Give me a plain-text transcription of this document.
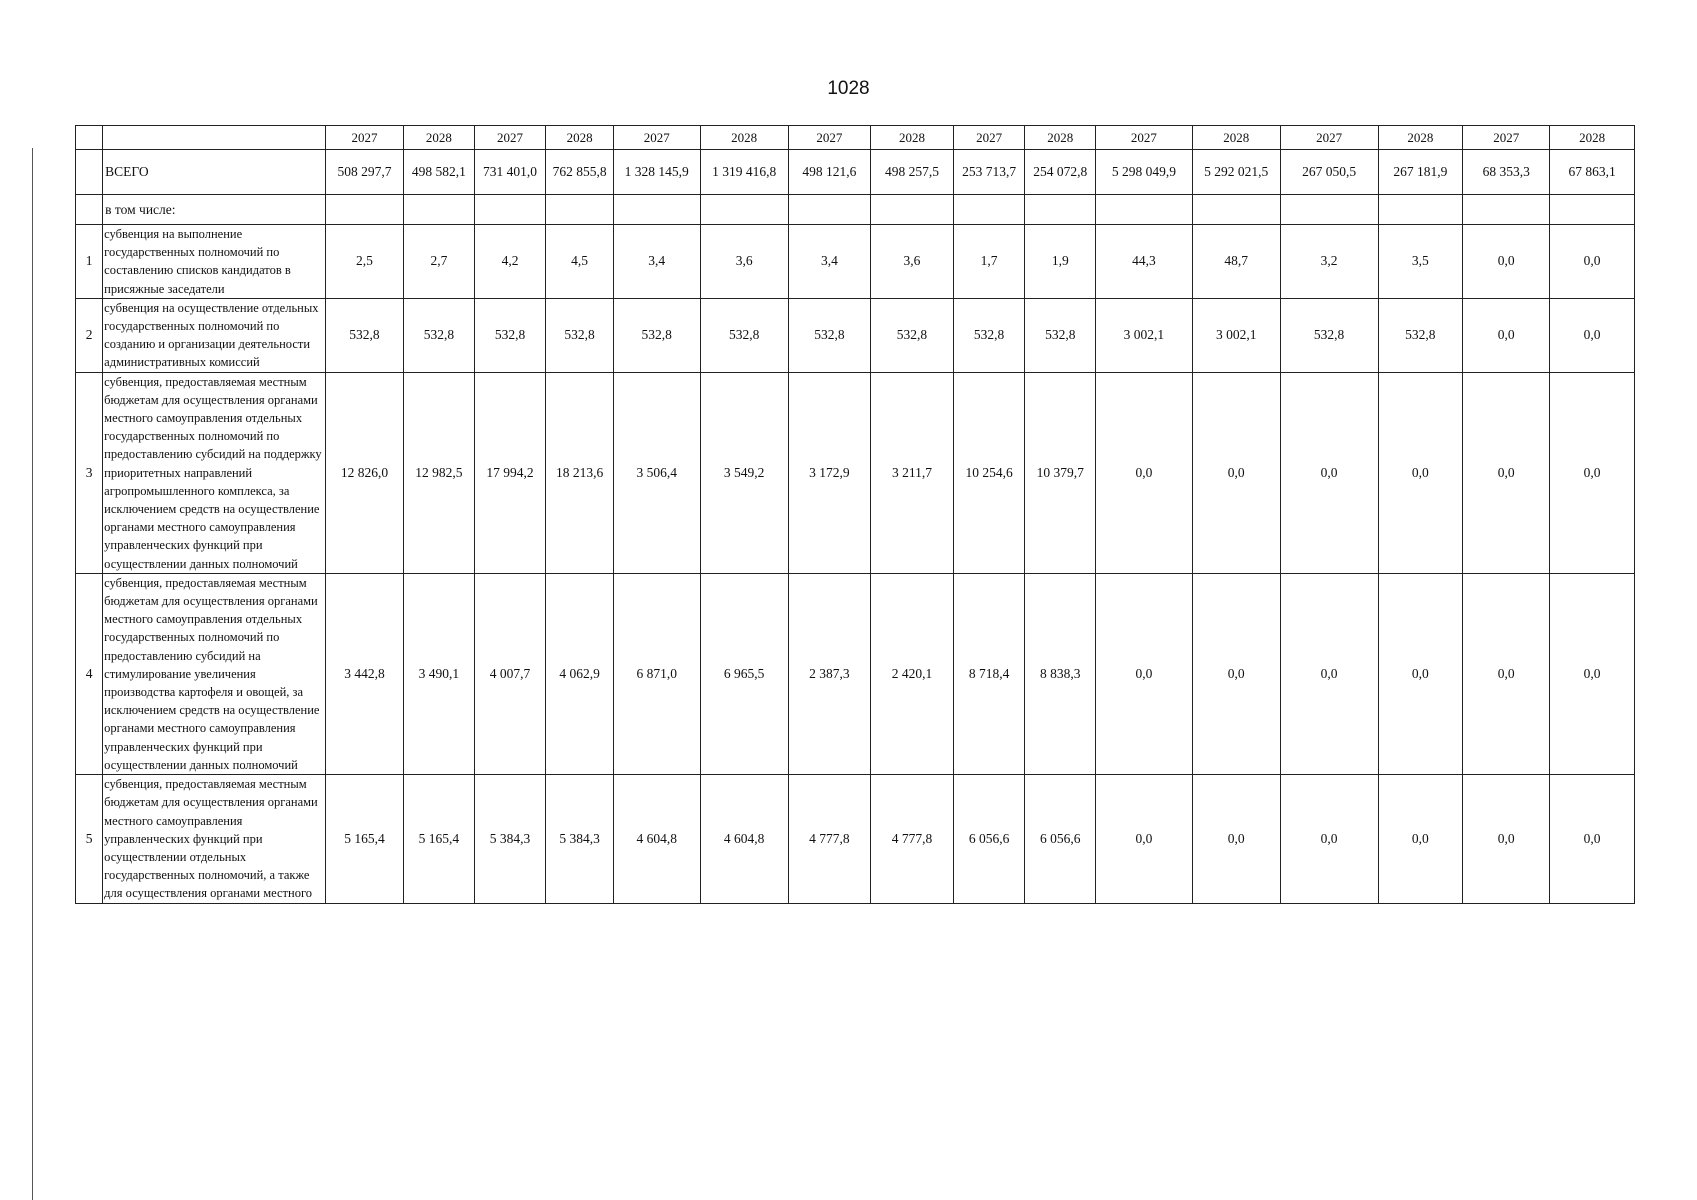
1028
		2027	2028	2027	2028	2027	2028	2027	2028	2027	2028	2027	2028	2027	2028	2027	2028
	ВСЕГО	508 297,7	498 582,1	731 401,0	762 855,8	1 328 145,9	1 319 416,8	498 121,6	498 257,5	253 713,7	254 072,8	5 298 049,9	5 292 021,5	267 050,5	267 181,9	68 353,3	67 863,1
	в том числе:																
1	субвенция на выполнение государственных полномочий по составлению списков кандидатов в присяжные заседатели	2,5	2,7	4,2	4,5	3,4	3,6	3,4	3,6	1,7	1,9	44,3	48,7	3,2	3,5	0,0	0,0
2	субвенция на осуществление отдельных государственных полномочий по созданию и организации деятельности административных комиссий	532,8	532,8	532,8	532,8	532,8	532,8	532,8	532,8	532,8	532,8	3 002,1	3 002,1	532,8	532,8	0,0	0,0
3	субвенция, предоставляемая местным бюджетам для осуществления органами местного самоуправления отдельных государственных полномочий по предоставлению субсидий на поддержку приоритетных направлений агропромышленного комплекса, за исключением средств на осуществление органами местного самоуправления управленческих функций при осуществлении данных полномочий	12 826,0	12 982,5	17 994,2	18 213,6	3 506,4	3 549,2	3 172,9	3 211,7	10 254,6	10 379,7	0,0	0,0	0,0	0,0	0,0	0,0
4	субвенция, предоставляемая местным бюджетам для осуществления органами местного самоуправления отдельных государственных полномочий по предоставлению субсидий на стимулирование увеличения производства картофеля и овощей, за исключением средств на осуществление органами местного самоуправления управленческих функций при осуществлении данных полномочий	3 442,8	3 490,1	4 007,7	4 062,9	6 871,0	6 965,5	2 387,3	2 420,1	8 718,4	8 838,3	0,0	0,0	0,0	0,0	0,0	0,0
5	субвенция, предоставляемая местным бюджетам для осуществления органами местного самоуправления управленческих функций при осуществлении отдельных государственных полномочий, а также для осуществления органами местного	5 165,4	5 165,4	5 384,3	5 384,3	4 604,8	4 604,8	4 777,8	4 777,8	6 056,6	6 056,6	0,0	0,0	0,0	0,0	0,0	0,0
